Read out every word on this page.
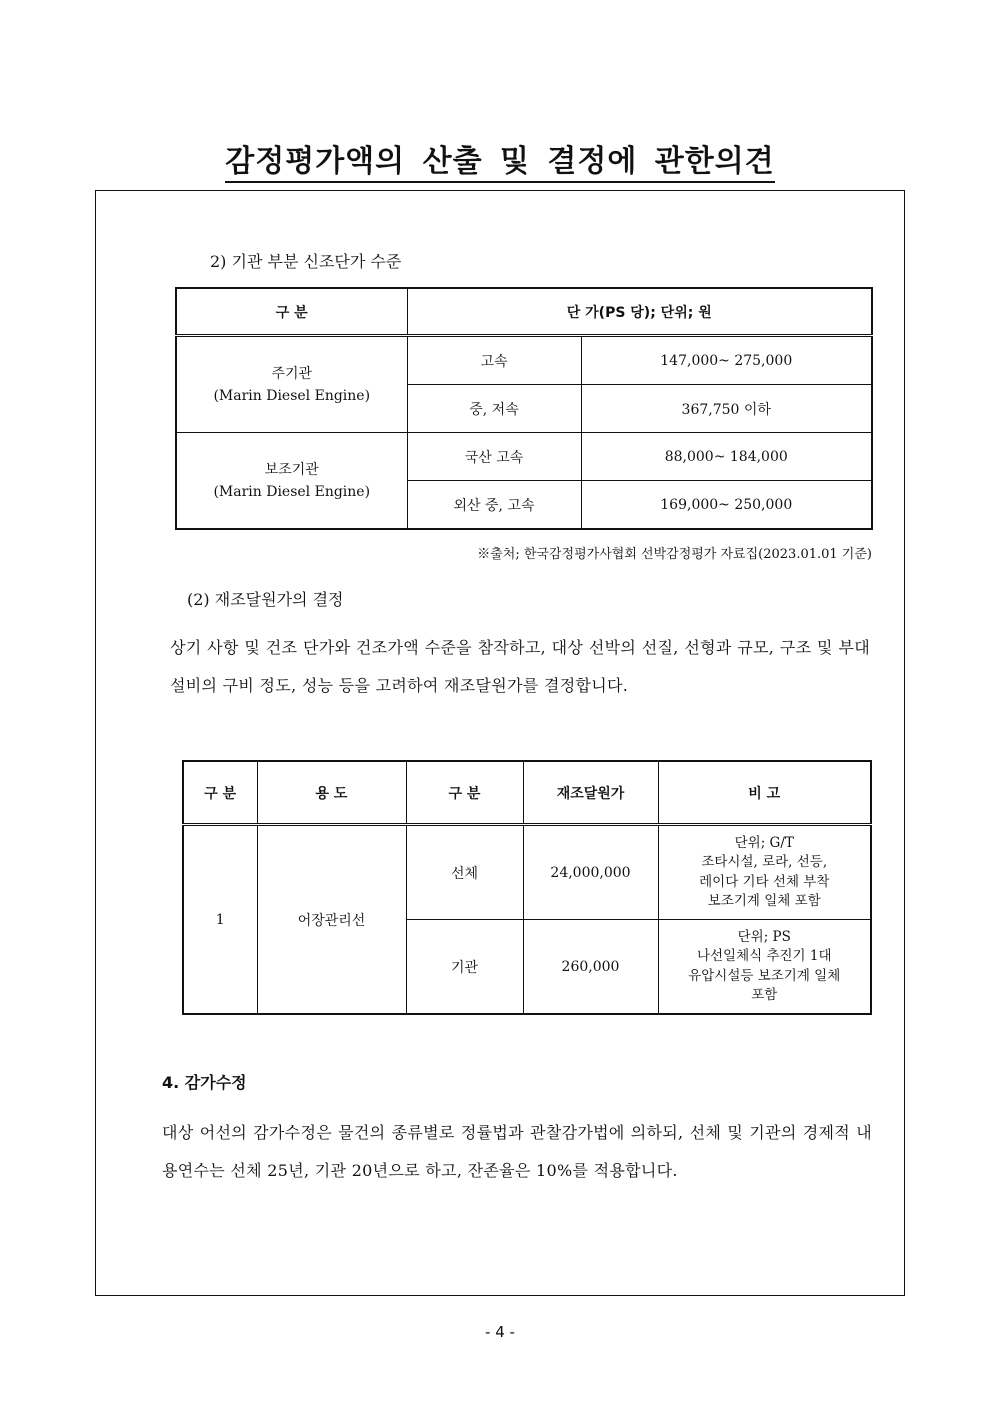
감정평가액의 산출 및 결정에 관한의견

2) 기관 부분 신조단가 수준

구 분	단 가(PS 당); 단위; 원	

주기관
(Marin Diesel Engine)	고속	147,000~ 275,000
	중, 저속	367,750 이하

보조기관
(Marin Diesel Engine)	국산 고속	88,000~ 184,000
	외산 중, 고속	169,000~ 250,000

※출처; 한국감정평가사협회 선박감정평가 자료집(2023.01.01 기준)

(2) 재조달원가의 결정

상기 사항 및 건조 단가와 건조가액 수준을 참작하고, 대상 선박의 선질, 선형과 규모, 구조 및 부대설비의 구비 정도, 성능 등을 고려하여 재조달원가를 결정합니다.

구 분	용 도	구 분	재조달원가	비 고
1	어장관리선	선체	24,000,000	단위; G/T
조타시설, 로라, 선등,
레이다 기타 선체 부착
보조기계 일체 포함

		기관	260,000	단위; PS
나선일체식 추진기 1대
유압시설등 보조기계 일체
포함

4. 감가수정

대상 어선의 감가수정은 물건의 종류별로 정률법과 관찰감가법에 의하되, 선체 및 기관의 경제적 내용연수는 선체 25년, 기관 20년으로 하고, 잔존율은 10%를 적용합니다.

- 4 -
